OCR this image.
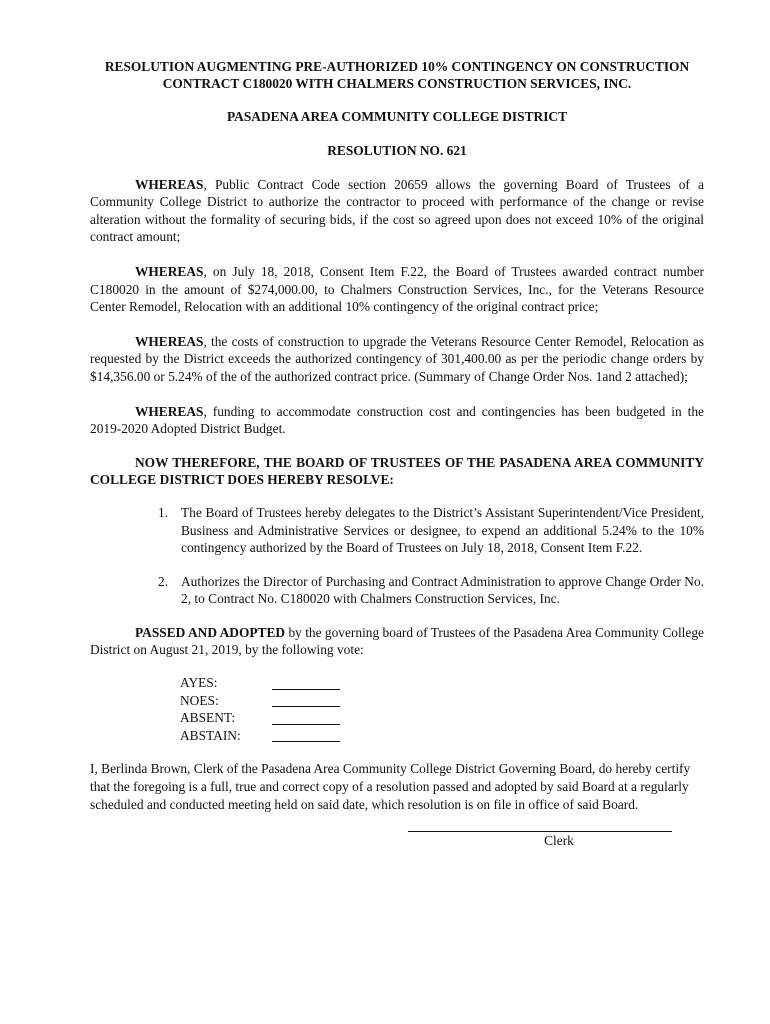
RESOLUTION AUGMENTING PRE-AUTHORIZED 10% CONTINGENCY ON CONSTRUCTION
CONTRACT C180020 WITH CHALMERS CONSTRUCTION SERVICES, INC.

PASADENA AREA COMMUNITY COLLEGE DISTRICT

RESOLUTION NO. 621

WHEREAS, Public Contract Code section 20659 allows the governing Board of Trustees of a Community College District to authorize the contractor to proceed with performance of the change or revise alteration without the formality of securing bids, if the cost so agreed upon does not exceed 10% of the original contract amount;

WHEREAS, on July 18, 2018, Consent Item F.22, the Board of Trustees awarded contract number C180020 in the amount of $274,000.00, to Chalmers Construction Services, Inc., for the Veterans Resource Center Remodel, Relocation with an additional 10% contingency of the original contract price;

WHEREAS, the costs of construction to upgrade the Veterans Resource Center Remodel, Relocation as requested by the District exceeds the authorized contingency of 301,400.00 as per the periodic change orders by $14,356.00 or 5.24% of the of the authorized contract price. (Summary of Change Order Nos. 1and 2 attached);

WHEREAS, funding to accommodate construction cost and contingencies has been budgeted in the 2019-2020 Adopted District Budget.

NOW THEREFORE, THE BOARD OF TRUSTEES OF THE PASADENA AREA COMMUNITY COLLEGE DISTRICT DOES HEREBY RESOLVE:

1. The Board of Trustees hereby delegates to the District’s Assistant Superintendent/Vice President, Business and Administrative Services or designee, to expend an additional 5.24% to the 10% contingency authorized by the Board of Trustees on July 18, 2018, Consent Item F.22.
2. Authorizes the Director of Purchasing and Contract Administration to approve Change Order No. 2, to Contract No. C180020 with Chalmers Construction Services, Inc.

PASSED AND ADOPTED by the governing board of Trustees of the Pasadena Area Community College District on August 21, 2019, by the following vote:

AYES:
NOES:
ABSENT:
ABSTAIN:

I, Berlinda Brown, Clerk of the Pasadena Area Community College District Governing Board, do hereby certify that the foregoing is a full, true and correct copy of a resolution passed and adopted by said Board at a regularly scheduled and conducted meeting held on said date, which resolution is on file in office of said Board.

Clerk
